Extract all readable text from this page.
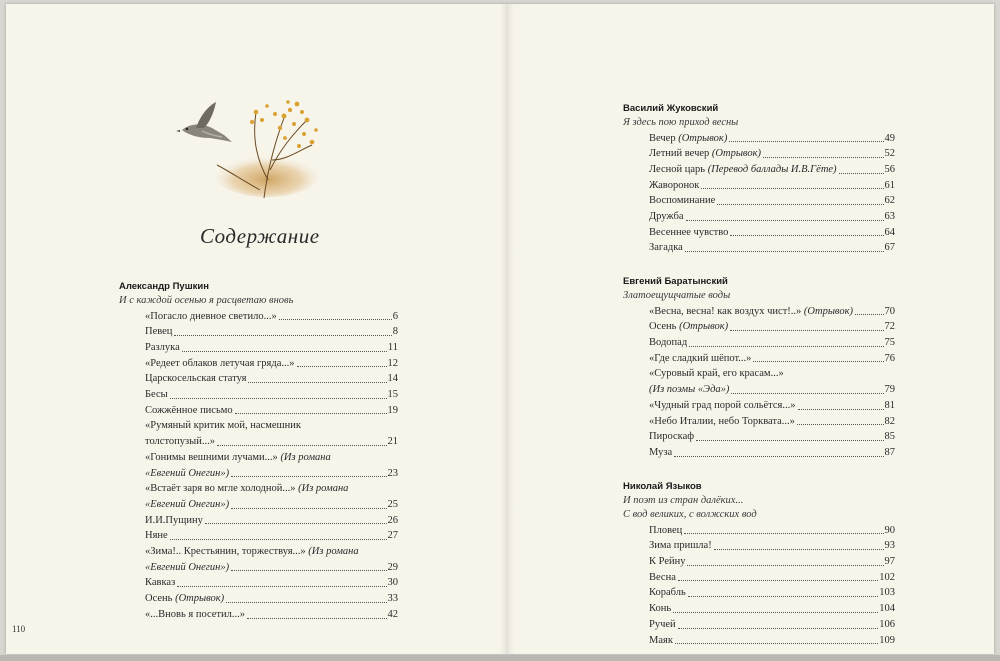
110
Содержание
Александр Пушкин
И с каждой осенью я расцветаю вновь
«Погасло дневное светило...»	6
Певец	8
Разлука	11
«Редеет облаков летучая гряда...»	12
Царскосельская статуя	14
Бесы	15
Сожжённое письмо	19
«Румяный критик мой, насмешник
толстопузый...»	21
«Гонимы вешними лучами...» (Из романа
«Евгений Онегин»)	23
«Встаёт заря во мгле холодной...» (Из романа
«Евгений Онегин»)	25
И.И.Пущину	26
Няне	27
«Зима!.. Крестьянин, торжествуя...» (Из романа
«Евгений Онегин»)	29
Кавказ	30
Осень (Отрывок)	33
«...Вновь я посетил...»	42
Василий Жуковский
Я здесь пою приход весны
Вечер (Отрывок)	49
Летний вечер (Отрывок)	52
Лесной царь (Перевод баллады И.В.Гёте)	56
Жаворонок	61
Воспоминание	62
Дружба	63
Весеннее чувство	64
Загадка	67
Евгений Баратынский
Златоещущчатые воды
«Весна, весна! как воздух чист!..» (Отрывок)	70
Осень (Отрывок)	72
Водопад	75
«Где сладкий шёпот...»	76
«Суровый край, его красам...»
(Из поэмы «Эда»)	79
«Чудный град порой сольётся...»	81
«Небо Италии, небо Торквата...»	82
Пироскаф	85
Муза	87
Николай Языков
И поэт из стран далёких...
С вод великих, с волжских вод
Пловец	90
Зима пришла!	93
К Рейну	97
Весна	102
Корабль	103
Конь	104
Ручей	106
Маяк	109
